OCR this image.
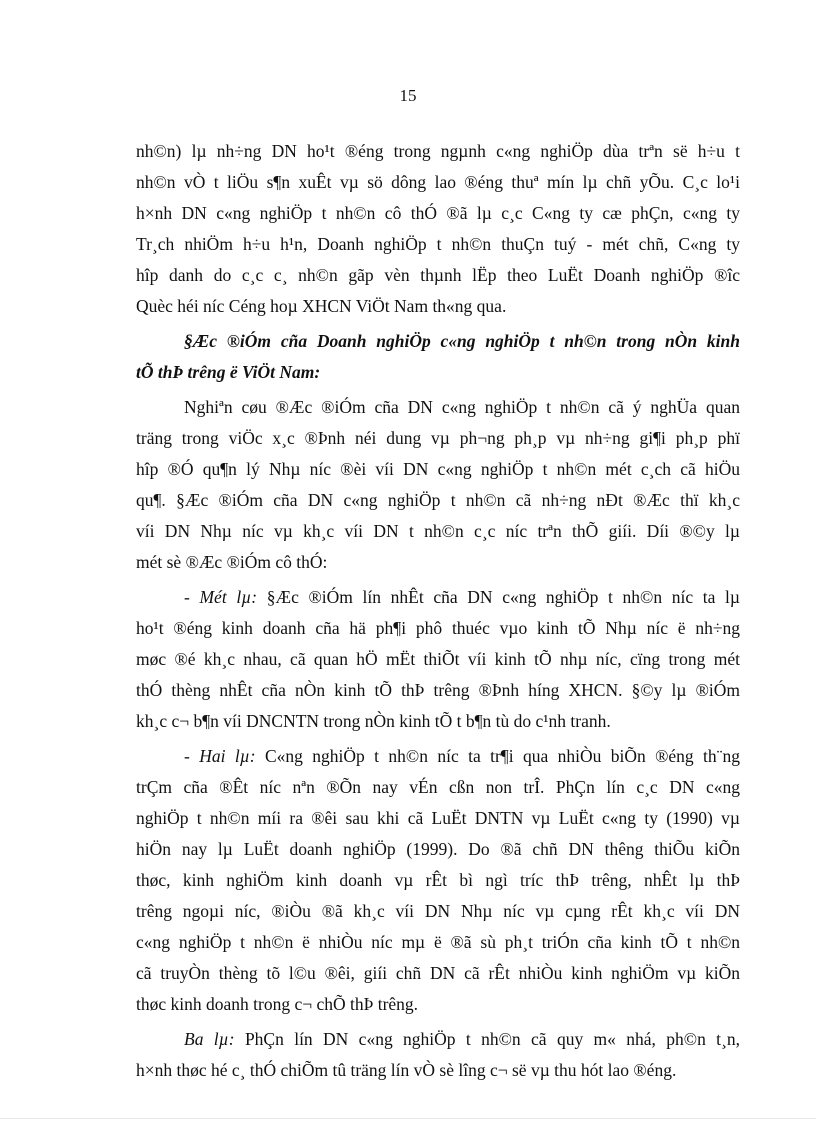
15
nh©n) lµ nh÷ng DN ho¹t ®éng trong ngµnh c«ng nghiÖp dùa trªn së h÷u t
nh©n vÒ t liÖu s¶n xuÊt vµ sö dông lao ®éng thuª mín lµ chñ yÕu. C¸c lo¹i
h×nh DN c«ng nghiÖp t nh©n cô thÓ ®ã lµ c¸c C«ng ty cæ phÇn, c«ng ty
Tr¸ch nhiÖm h÷u h¹n, Doanh nghiÖp t nh©n thuÇn tuý - mét chñ, C«ng ty
hîp danh do c¸c c¸ nh©n gãp vèn thµnh lËp theo LuËt Doanh nghiÖp ®îc
Quèc héi níc Céng hoµ XHCN ViÖt Nam th«ng qua.
§Æc ®iÓm cña Doanh nghiÖp c«ng nghiÖp t nh©n trong nÒn kinh
tÕ thÞ trêng ë ViÖt Nam:
Nghiªn cøu ®Æc ®iÓm cña DN c«ng nghiÖp t nh©n cã ý nghÜa quan
träng trong viÖc x¸c ®Þnh néi dung vµ ph¬ng ph¸p vµ nh÷ng gi¶i ph¸p phï
hîp ®Ó qu¶n lý Nhµ níc ®èi víi DN c«ng nghiÖp t nh©n mét c¸ch cã hiÖu
qu¶. §Æc ®iÓm cña DN c«ng nghiÖp t nh©n cã nh÷ng nÐt ®Æc thï kh¸c
víi DN Nhµ níc vµ kh¸c víi DN t nh©n c¸c níc trªn thÕ giíi. Díi ®©y lµ
mét sè ®Æc ®iÓm cô thÓ:
- Mét lµ: §Æc ®iÓm lín nhÊt cña DN c«ng nghiÖp t nh©n níc ta lµ
ho¹t ®éng kinh doanh cña hä ph¶i phô thuéc vµo kinh tÕ Nhµ níc ë nh÷ng
møc ®é kh¸c nhau, cã quan hÖ mËt thiÕt víi kinh tÕ nhµ níc, cïng trong mét
thÓ thèng nhÊt cña nÒn kinh tÕ thÞ trêng ®Þnh híng XHCN. §©y lµ ®iÓm
kh¸c c¬ b¶n víi DNCNTN trong nÒn kinh tÕ t b¶n tù do c¹nh tranh.
- Hai lµ: C«ng nghiÖp t nh©n níc ta tr¶i qua nhiÒu biÕn ®éng th¨ng
trÇm cña ®Êt níc nªn ®Õn nay vÉn cßn non trÎ. PhÇn lín c¸c DN c«ng
nghiÖp t nh©n míi ra ®êi sau khi cã LuËt DNTN vµ LuËt c«ng ty (1990) vµ
hiÖn nay lµ LuËt doanh nghiÖp (1999). Do ®ã chñ DN thêng thiÕu kiÕn
thøc, kinh nghiÖm kinh doanh vµ rÊt bì ngì tríc thÞ trêng, nhÊt lµ thÞ
trêng ngoµi níc, ®iÒu ®ã kh¸c víi DN Nhµ níc vµ cµng rÊt kh¸c víi DN
c«ng nghiÖp t nh©n ë nhiÒu níc mµ ë ®ã sù ph¸t triÓn cña kinh tÕ t nh©n
cã truyÒn thèng tõ l©u ®êi, giíi chñ DN cã rÊt nhiÒu kinh nghiÖm vµ kiÕn
thøc kinh doanh trong c¬ chÕ thÞ trêng.
Ba lµ: PhÇn lín DN c«ng nghiÖp t nh©n cã quy m« nhá, ph©n t¸n,
h×nh thøc hé c¸ thÓ chiÕm tû träng lín vÒ sè lîng c¬ së vµ thu hót lao ®éng.
